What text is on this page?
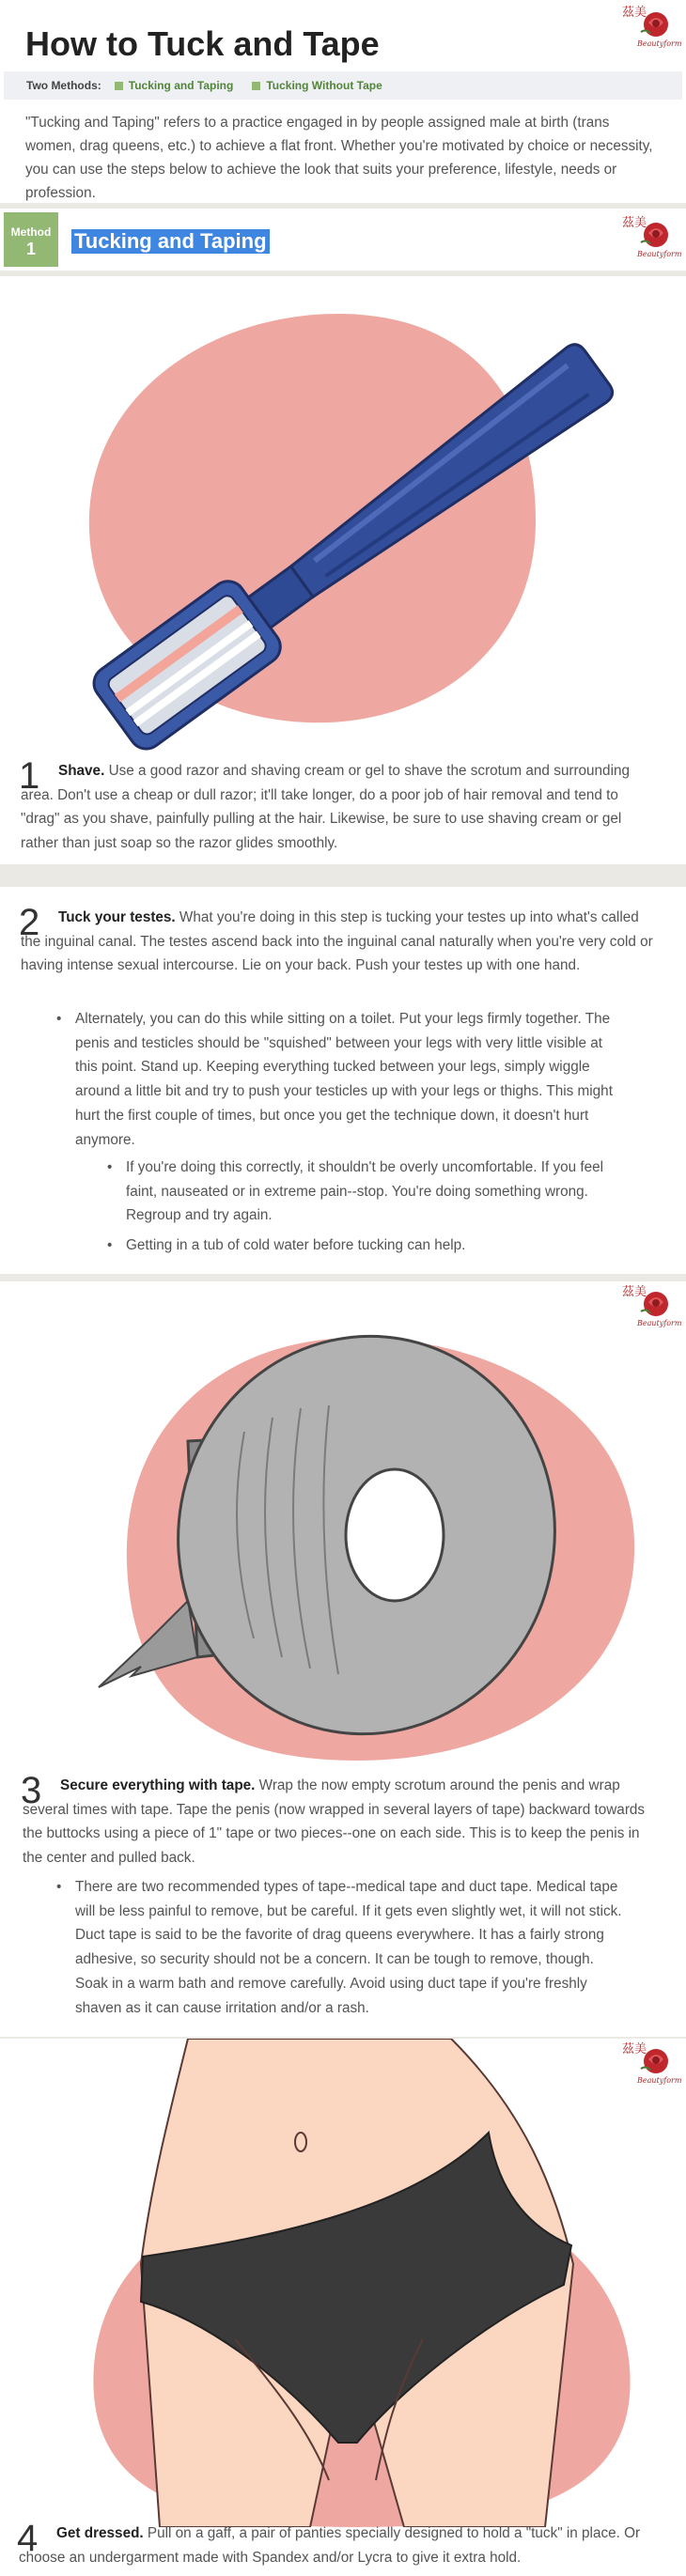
How to Tuck and Tape
茲美
Beautyform
Two Methods: Tucking and Taping	Tucking Without Tape

"Tucking and Taping" refers to a practice engaged in by people assigned male at birth (trans women, drag queens, etc.) to achieve a flat front. Whether you're motivated by choice or necessity, you can use the steps below to achieve the look that suits your preference, lifestyle, needs or profession.

Method
1	Tucking and Taping
茲美
Beautyform
1	Shave. Use a good razor and shaving cream or gel to shave the scrotum and surrounding area. Don't use a cheap or dull razor; it'll take longer, do a poor job of hair removal and tend to "drag" as you shave, painfully pulling at the hair. Likewise, be sure to use shaving cream or gel rather than just soap so the razor glides smoothly.

2	Tuck your testes. What you're doing in this step is tucking your testes up into what's called the inguinal canal. The testes ascend back into the inguinal canal naturally when you're very cold or having intense sexual intercourse. Lie on your back. Push your testes up with one hand.

• Alternately, you can do this while sitting on a toilet. Put your legs firmly together. The penis and testicles should be "squished" between your legs with very little visible at this point. Stand up. Keeping everything tucked between your legs, simply wiggle around a little bit and try to push your testicles up with your legs or thighs. This might hurt the first couple of times, but once you get the technique down, it doesn't hurt anymore.
• If you're doing this correctly, it shouldn't be overly uncomfortable. If you feel faint, nauseated or in extreme pain--stop. You're doing something wrong. Regroup and try again.
• Getting in a tub of cold water before tucking can help.
茲美
Beautyform
3	Secure everything with tape. Wrap the now empty scrotum around the penis and wrap several times with tape. Tape the penis (now wrapped in several layers of tape) backward towards the buttocks using a piece of 1" tape or two pieces--one on each side. This is to keep the penis in the center and pulled back.

• There are two recommended types of tape--medical tape and duct tape. Medical tape will be less painful to remove, but be careful. If it gets even slightly wet, it will not stick. Duct tape is said to be the favorite of drag queens everywhere. It has a fairly strong adhesive, so security should not be a concern. It can be tough to remove, though. Soak in a warm bath and remove carefully. Avoid using duct tape if you're freshly shaven as it can cause irritation and/or a rash.
茲美
Beautyform
4	Get dressed. Pull on a gaff, a pair of panties specially designed to hold a "tuck" in place. Or choose an undergarment made with Spandex and/or Lycra to give it extra hold.
